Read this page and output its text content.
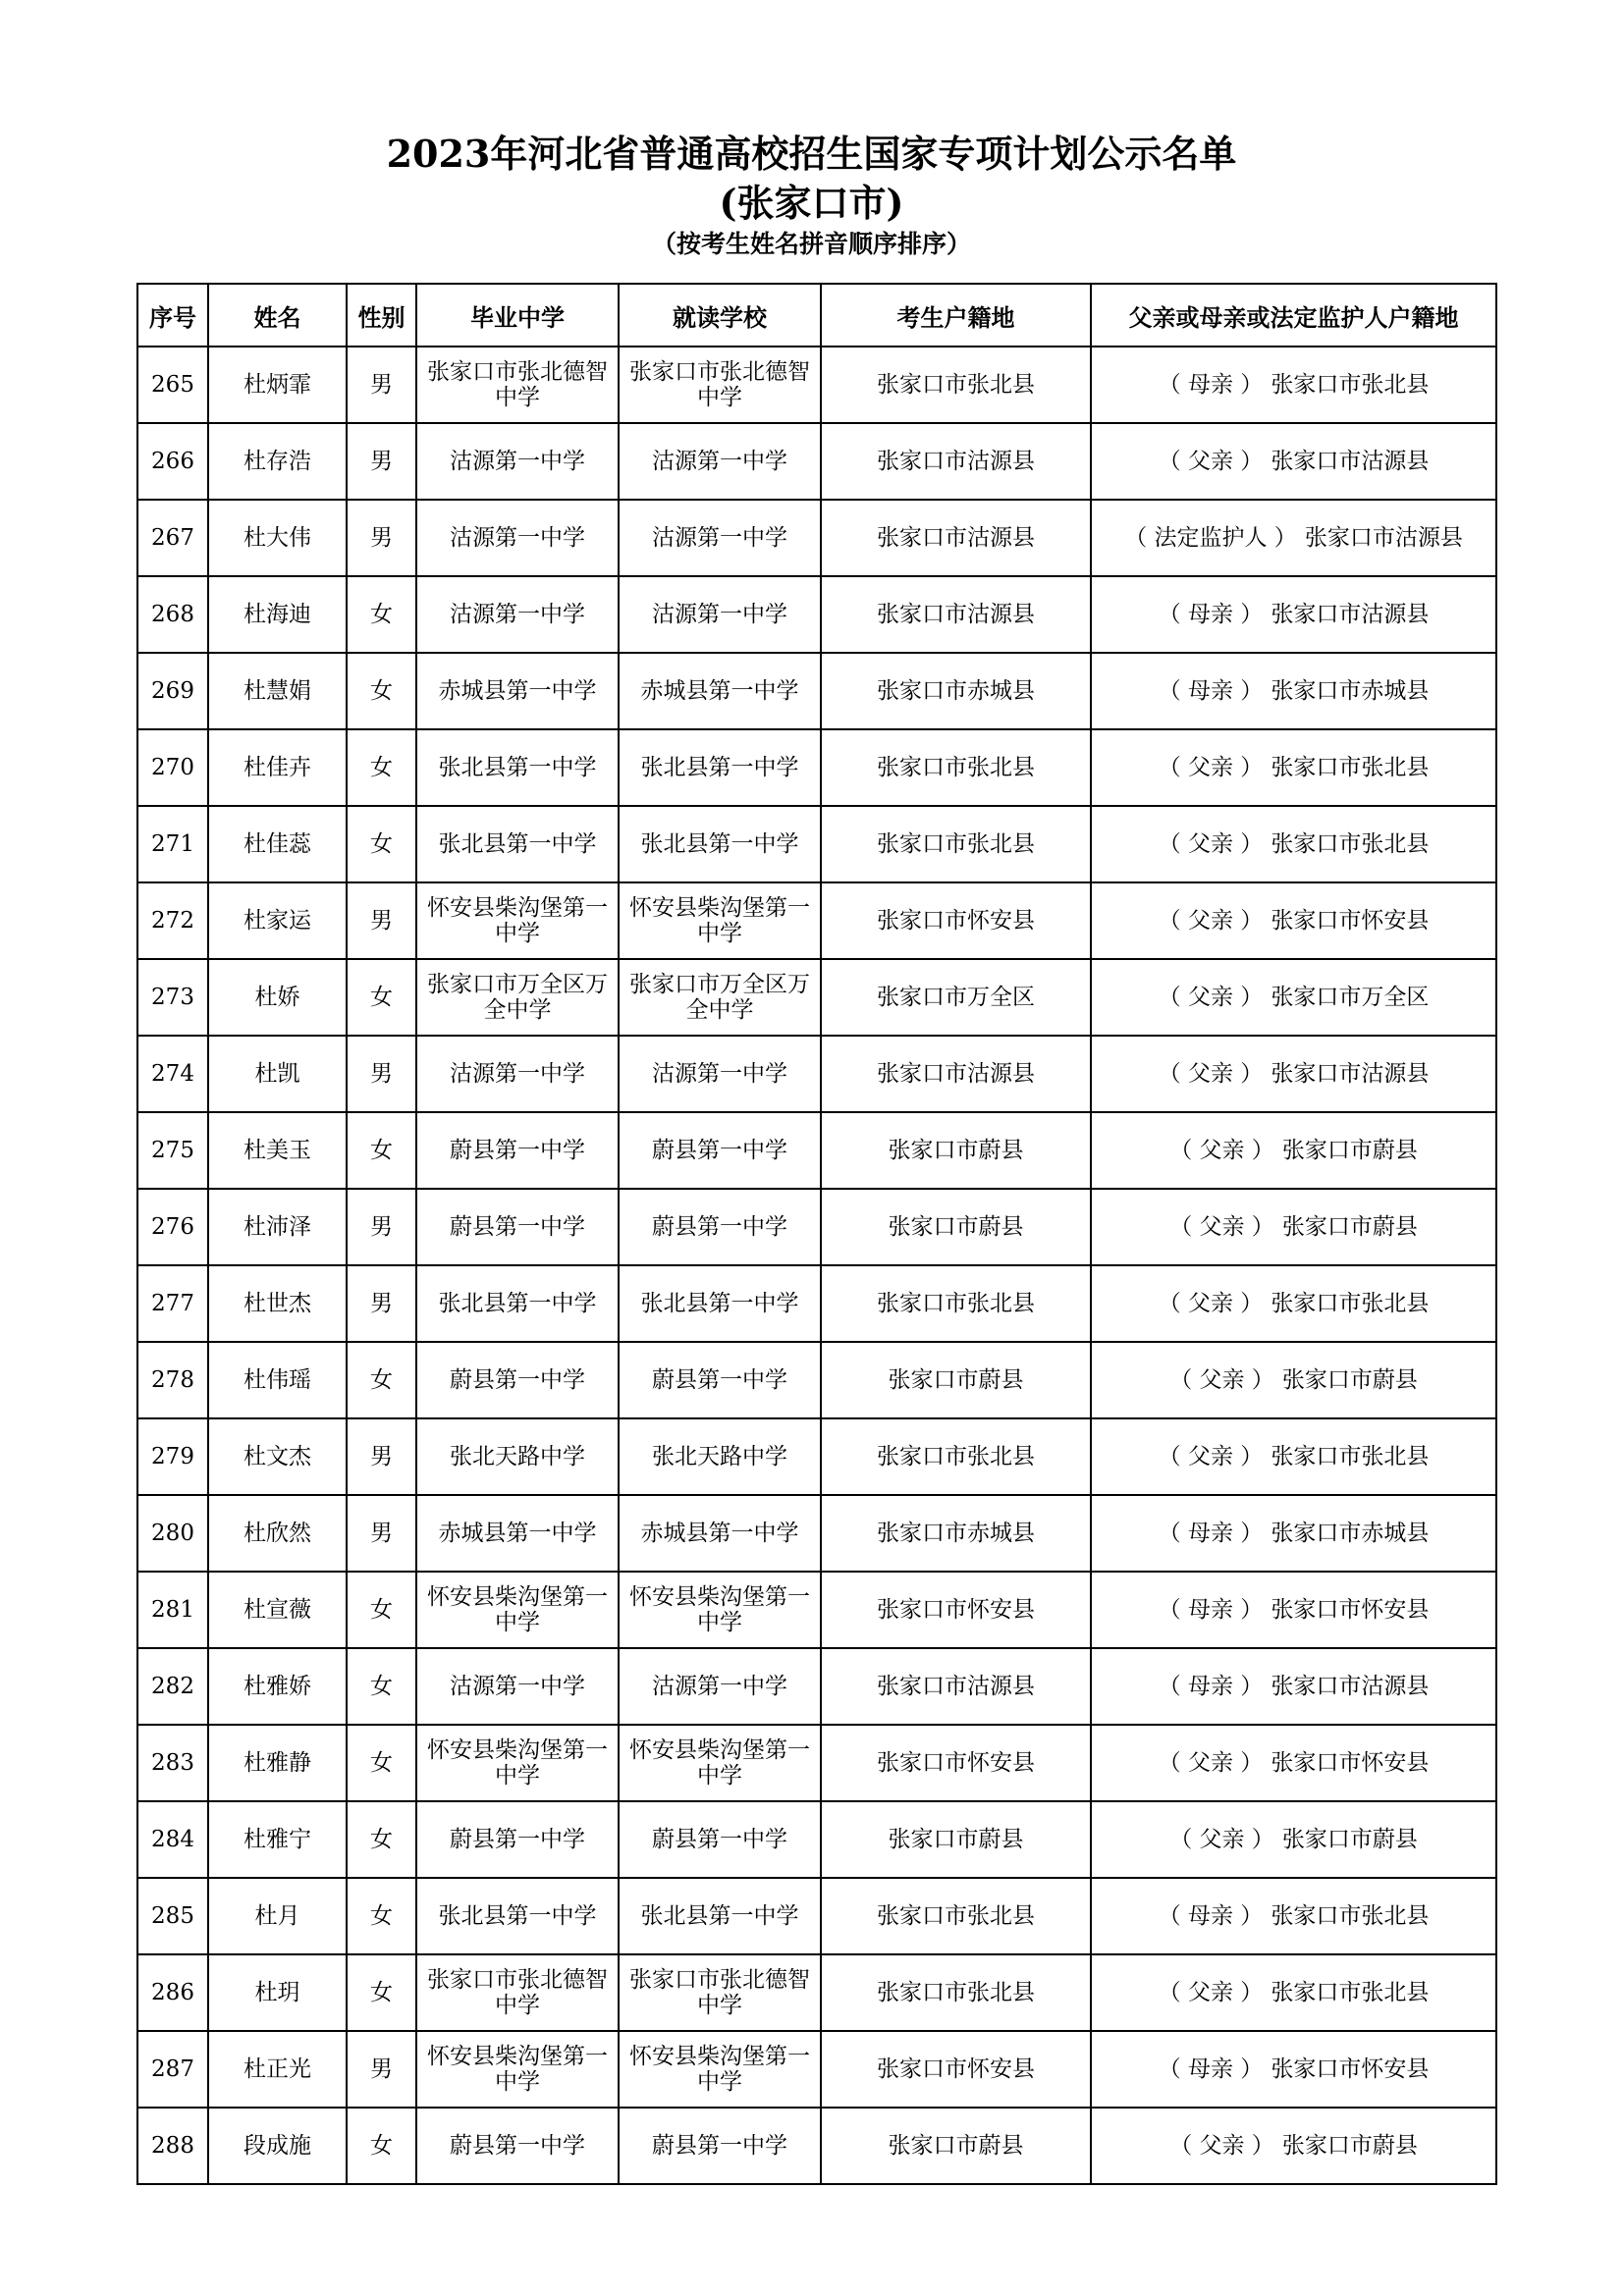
2023年河北省普通高校招生国家专项计划公示名单
(张家口市)
（按考生姓名拼音顺序排序）
序号	姓名	性别	毕业中学	就读学校	考生户籍地	父亲或母亲或法定监护人户籍地
265	杜炳霏	男	张家口市张北德智中学	张家口市张北德智中学	张家口市张北县	（ 母亲 ） 张家口市张北县
266	杜存浩	男	沽源第一中学	沽源第一中学	张家口市沽源县	（ 父亲 ） 张家口市沽源县
267	杜大伟	男	沽源第一中学	沽源第一中学	张家口市沽源县	（ 法定监护人 ） 张家口市沽源县
268	杜海迪	女	沽源第一中学	沽源第一中学	张家口市沽源县	（ 母亲 ） 张家口市沽源县
269	杜慧娟	女	赤城县第一中学	赤城县第一中学	张家口市赤城县	（ 母亲 ） 张家口市赤城县
270	杜佳卉	女	张北县第一中学	张北县第一中学	张家口市张北县	（ 父亲 ） 张家口市张北县
271	杜佳蕊	女	张北县第一中学	张北县第一中学	张家口市张北县	（ 父亲 ） 张家口市张北县
272	杜家运	男	怀安县柴沟堡第一中学	怀安县柴沟堡第一中学	张家口市怀安县	（ 父亲 ） 张家口市怀安县
273	杜娇	女	张家口市万全区万全中学	张家口市万全区万全中学	张家口市万全区	（ 父亲 ） 张家口市万全区
274	杜凯	男	沽源第一中学	沽源第一中学	张家口市沽源县	（ 父亲 ） 张家口市沽源县
275	杜美玉	女	蔚县第一中学	蔚县第一中学	张家口市蔚县	（ 父亲 ） 张家口市蔚县
276	杜沛泽	男	蔚县第一中学	蔚县第一中学	张家口市蔚县	（ 父亲 ） 张家口市蔚县
277	杜世杰	男	张北县第一中学	张北县第一中学	张家口市张北县	（ 父亲 ） 张家口市张北县
278	杜伟瑶	女	蔚县第一中学	蔚县第一中学	张家口市蔚县	（ 父亲 ） 张家口市蔚县
279	杜文杰	男	张北天路中学	张北天路中学	张家口市张北县	（ 父亲 ） 张家口市张北县
280	杜欣然	男	赤城县第一中学	赤城县第一中学	张家口市赤城县	（ 母亲 ） 张家口市赤城县
281	杜宣薇	女	怀安县柴沟堡第一中学	怀安县柴沟堡第一中学	张家口市怀安县	（ 母亲 ） 张家口市怀安县
282	杜雅娇	女	沽源第一中学	沽源第一中学	张家口市沽源县	（ 母亲 ） 张家口市沽源县
283	杜雅静	女	怀安县柴沟堡第一中学	怀安县柴沟堡第一中学	张家口市怀安县	（ 父亲 ） 张家口市怀安县
284	杜雅宁	女	蔚县第一中学	蔚县第一中学	张家口市蔚县	（ 父亲 ） 张家口市蔚县
285	杜月	女	张北县第一中学	张北县第一中学	张家口市张北县	（ 母亲 ） 张家口市张北县
286	杜玥	女	张家口市张北德智中学	张家口市张北德智中学	张家口市张北县	（ 父亲 ） 张家口市张北县
287	杜正光	男	怀安县柴沟堡第一中学	怀安县柴沟堡第一中学	张家口市怀安县	（ 母亲 ） 张家口市怀安县
288	段成施	女	蔚县第一中学	蔚县第一中学	张家口市蔚县	（ 父亲 ） 张家口市蔚县
